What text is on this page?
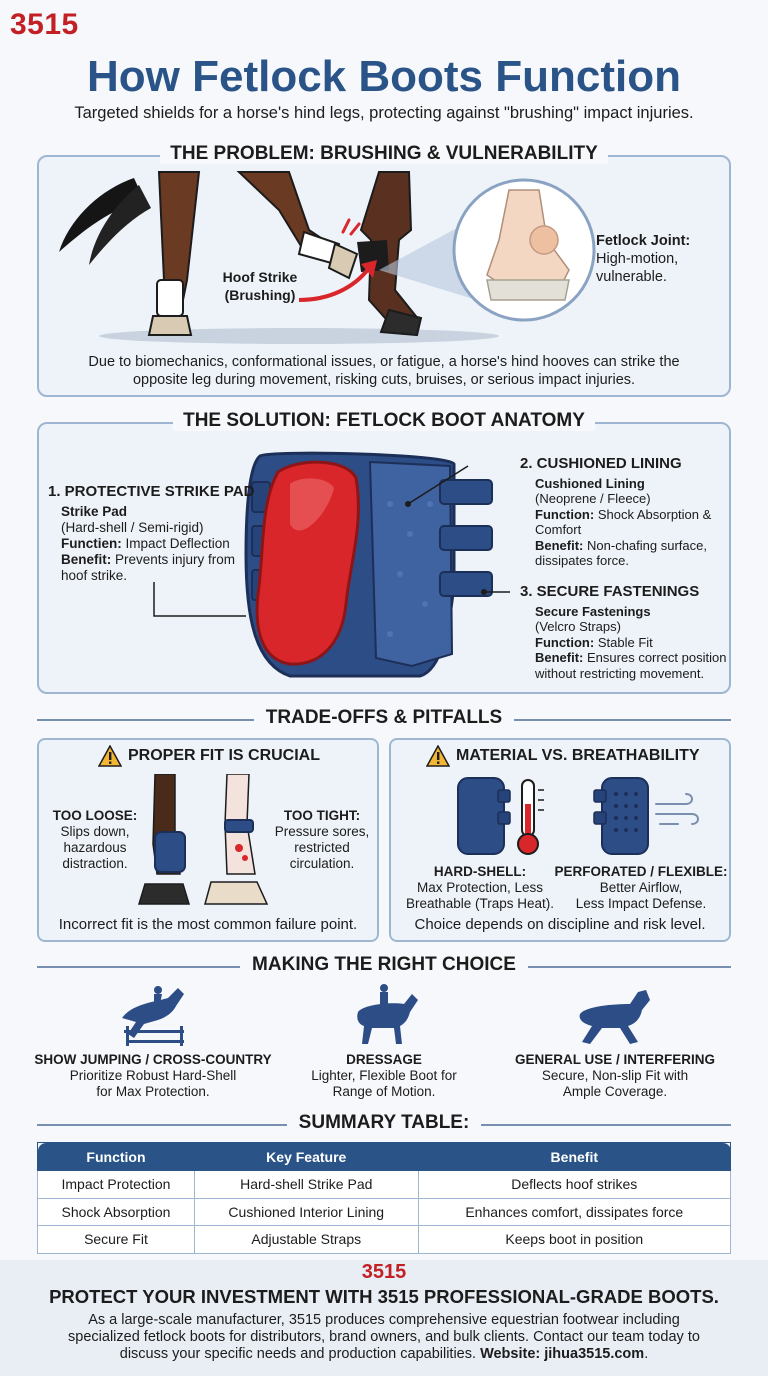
3515
How Fetlock Boots Function
Targeted shields for a horse's hind legs, protecting against "brushing" impact injuries.
THE PROBLEM: BRUSHING & VULNERABILITY
Hoof Strike
(Brushing)
Fetlock Joint:
High-motion,
vulnerable.
Due to biomechanics, conformational issues, or fatigue, a horse's hind hooves can strike the
opposite leg during movement, risking cuts, bruises, or serious impact injuries.
THE SOLUTION: FETLOCK BOOT ANATOMY
1. PROTECTIVE STRIKE PAD
Strike Pad
(Hard-shell / Semi-rigid)
Functien: Impact Deflection
Benefit: Prevents injury from
hoof strike.
2. CUSHIONED LINING
Cushioned Lining
(Neoprene / Fleece)
Function: Shock Absorption &
Comfort
Benefit: Non-chafing surface,
dissipates force.
3. SECURE FASTENINGS
Secure Fastenings
(Velcro Straps)
Function: Stable Fit
Benefit: Ensures correct position
without restricting movement.
TRADE-OFFS & PITFALLS
PROPER FIT IS CRUCIAL
TOO LOOSE:
Slips down,
hazardous
distraction.
TOO TIGHT:
Pressure sores,
restricted
circulation.
Incorrect fit is the most common failure point.
MATERIAL VS. BREATHABILITY
HARD-SHELL:
Max Protection, Less
Breathable (Traps Heat).
PERFORATED / FLEXIBLE:
Better Airflow,
Less Impact Defense.
Choice depends on discipline and risk level.
MAKING THE RIGHT CHOICE
SHOW JUMPING / CROSS-COUNTRY
Prioritize Robust Hard-Shell
for Max Protection.
DRESSAGE
Lighter, Flexible Boot for
Range of Motion.
GENERAL USE / INTERFERING
Secure, Non-slip Fit with
Ample Coverage.
SUMMARY TABLE:
Function	Key Feature	Benefit
Impact Protection	Hard-shell Strike Pad	Deflects hoof strikes
Shock Absorption	Cushioned Interior Lining	Enhances comfort, dissipates force
Secure Fit	Adjustable Straps	Keeps boot in position
3515
PROTECT YOUR INVESTMENT WITH 3515 PROFESSIONAL-GRADE BOOTS.
As a large-scale manufacturer, 3515 produces comprehensive equestrian footwear including
specialized fetlock boots for distributors, brand owners, and bulk clients. Contact our team today to
discuss your specific needs and production capabilities. Website: jihua3515.com.
